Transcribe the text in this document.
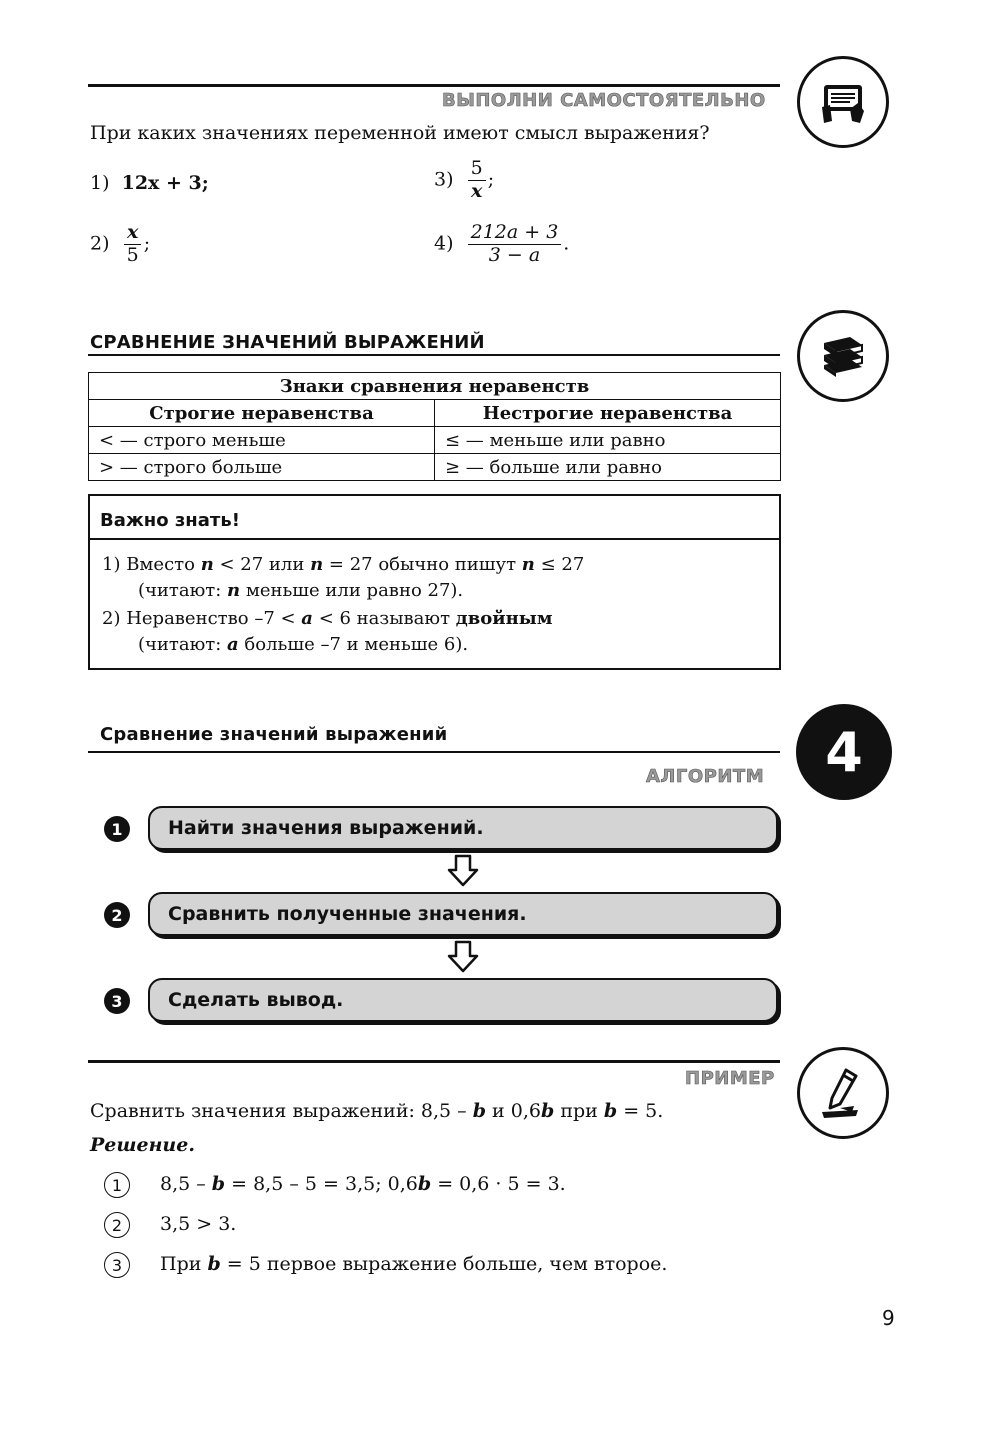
ВЫПОЛНИ САМОСТОЯТЕЛЬНО
При каких значениях переменной имеют смысл выражения?
1) 12x + 3;
$2) \frac{x}{5}$ ;
$3) \frac{5}{x}$ ;
$4) \frac{212a + 3}{3 - a}$ .
СРАВНЕНИЕ ЗНАЧЕНИЙ ВЫРАЖЕНИЙ
Знаки сравнения неравенств	
Строгие неравенства	Нестрогие неравенства
< — строго меньше	≤ — меньше или равно
> — строго больше	≥ — больше или равно
Важно знать!
1) Вместо n < 27 или n = 27 обычно пишут n ≤ 27
(читают: n меньше или равно 27).
2) Неравенство –7 < a < 6 называют двойным
(читают: a больше –7 и меньше 6).
Сравнение значений выражений	4
АЛГОРИТМ
1	Найти значения выражений.
2	Сравнить полученные значения.
3	Сделать вывод.
ПРИМЕР
Сравнить значения выражений: 8,5 – b и 0,6b при b = 5.
Решение.
1	8,5 – b = 8,5 – 5 = 3,5; 0,6b = 0,6 · 5 = 3.
2	3,5 > 3.
3	При b = 5 первое выражение больше, чем второе.
9
